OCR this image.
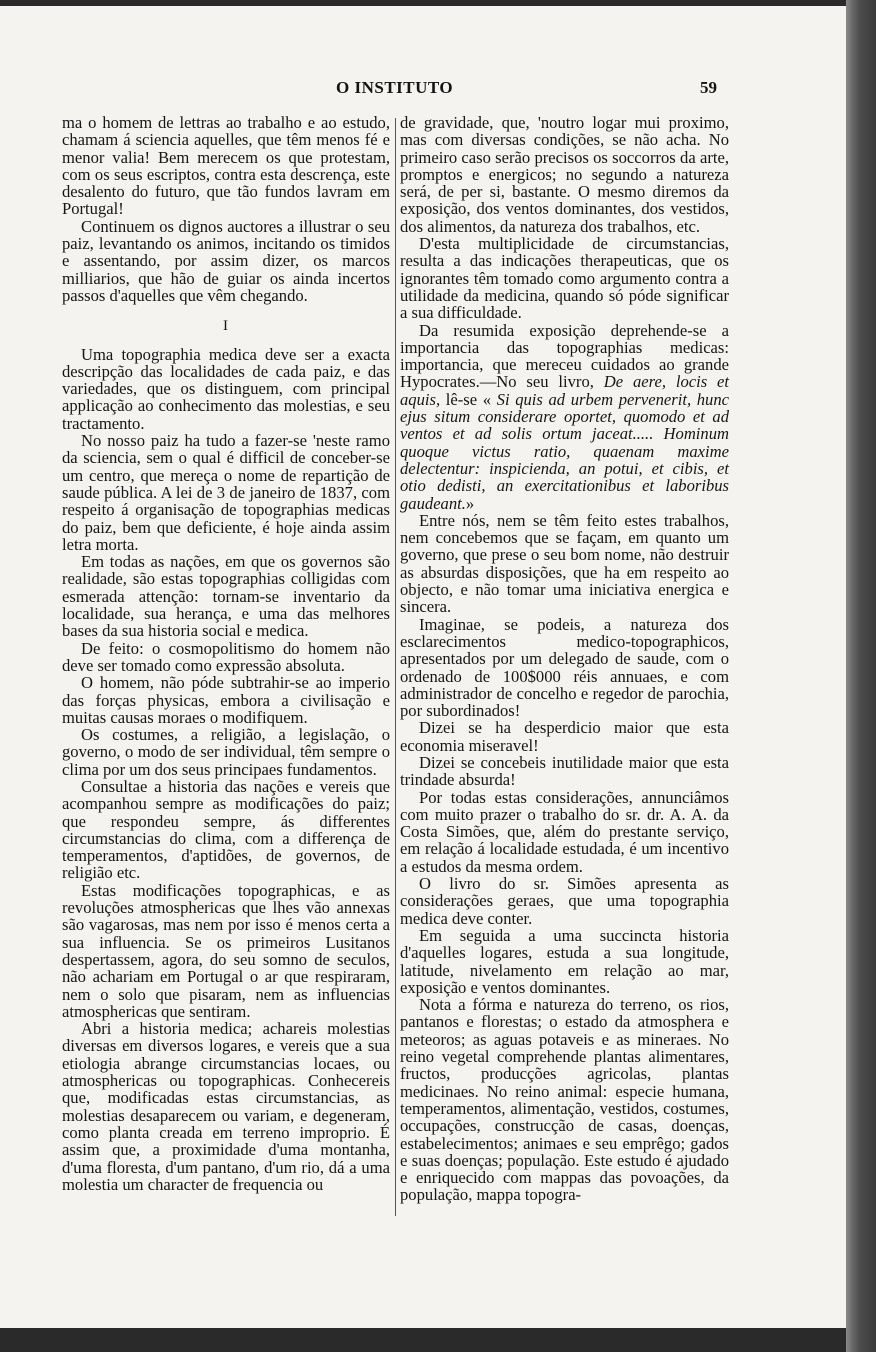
O INSTITUTO	59

ma o homem de lettras ao trabalho e ao estudo, chamam á sciencia aquelles, que têm menos fé e menor valia! Bem merecem os que protestam, com os seus escriptos, contra esta descrença, este desalento do futuro, que tão fundos lavram em Portugal!

Continuem os dignos auctores a illustrar o seu paiz, levantando os animos, incitando os timidos e assentando, por assim dizer, os marcos milliarios, que hão de guiar os ainda incertos passos d'aquelles que vêm chegando.

I

Uma topographia medica deve ser a exacta descripção das localidades de cada paiz, e das variedades, que os distinguem, com principal applicação ao conhecimento das molestias, e seu tractamento.

No nosso paiz ha tudo a fazer-se 'neste ramo da sciencia, sem o qual é difficil de conceber-se um centro, que mereça o nome de repartição de saude pública. A lei de 3 de janeiro de 1837, com respeito á organisação de topographias medicas do paiz, bem que deficiente, é hoje ainda assim letra morta.

Em todas as nações, em que os governos são realidade, são estas topographias colligidas com esmerada attenção: tornam-se inventario da localidade, sua herança, e uma das melhores bases da sua historia social e medica.

De feito: o cosmopolitismo do homem não deve ser tomado como expressão absoluta.

O homem, não póde subtrahir-se ao imperio das forças physicas, embora a civilisação e muitas causas moraes o modifiquem.

Os costumes, a religião, a legislação, o governo, o modo de ser individual, têm sempre o clima por um dos seus principaes fundamentos.

Consultae a historia das nações e vereis que acompanhou sempre as modificações do paiz; que respondeu sempre, ás differentes circumstancias do clima, com a differença de temperamentos, d'aptidões, de governos, de religião etc.

Estas modificações topographicas, e as revoluções atmosphericas que lhes vão annexas são vagarosas, mas nem por isso é menos certa a sua influencia. Se os primeiros Lusitanos despertassem, agora, do seu somno de seculos, não achariam em Portugal o ar que respiraram, nem o solo que pisaram, nem as influencias atmosphericas que sentiram.

Abri a historia medica; achareis molestias diversas em diversos logares, e vereis que a sua etiologia abrange circumstancias locaes, ou atmosphericas ou topographicas. Conhecereis que, modificadas estas circumstancias, as molestias desaparecem ou variam, e degeneram, como planta creada em terreno improprio. É assim que, a proximidade d'uma montanha, d'uma floresta, d'um pantano, d'um rio, dá a uma molestia um character de frequencia ou

de gravidade, que, 'noutro logar mui proximo, mas com diversas condições, se não acha. No primeiro caso serão precisos os soccorros da arte, promptos e energicos; no segundo a natureza será, de per si, bastante. O mesmo diremos da exposição, dos ventos dominantes, dos vestidos, dos alimentos, da natureza dos trabalhos, etc.

D'esta multiplicidade de circumstancias, resulta a das indicações therapeuticas, que os ignorantes têm tomado como argumento contra a utilidade da medicina, quando só póde significar a sua difficuldade.

Da resumida exposição deprehende-se a importancia das topographias medicas: importancia, que mereceu cuidados ao grande Hypocrates.—No seu livro, De aere, locis et aquis, lê-se « Si quis ad urbem pervenerit, hunc ejus situm considerare oportet, quomodo et ad ventos et ad solis ortum jaceat..... Hominum quoque victus ratio, quaenam maxime delectentur: inspicienda, an potui, et cibis, et otio dedisti, an exercitationibus et laboribus gaudeant.»

Entre nós, nem se têm feito estes trabalhos, nem concebemos que se façam, em quanto um governo, que prese o seu bom nome, não destruir as absurdas disposições, que ha em respeito ao objecto, e não tomar uma iniciativa energica e sincera.

Imaginae, se podeis, a natureza dos esclarecimentos medico-topographicos, apresentados por um delegado de saude, com o ordenado de 100$000 réis annuaes, e com administrador de concelho e regedor de parochia, por subordinados!

Dizei se ha desperdicio maior que esta economia miseravel!

Dizei se concebeis inutilidade maior que esta trindade absurda!

Por todas estas considerações, annunciâmos com muito prazer o trabalho do sr. dr. A. A. da Costa Simões, que, além do prestante serviço, em relação á localidade estudada, é um incentivo a estudos da mesma ordem.

O livro do sr. Simões apresenta as considerações geraes, que uma topographia medica deve conter.

Em seguida a uma succincta historia d'aquelles logares, estuda a sua longitude, latitude, nivelamento em relação ao mar, exposição e ventos dominantes.

Nota a fórma e natureza do terreno, os rios, pantanos e florestas; o estado da atmosphera e meteoros; as aguas potaveis e as mineraes. No reino vegetal comprehende plantas alimentares, fructos, producções agricolas, plantas medicinaes. No reino animal: especie humana, temperamentos, alimentação, vestidos, costumes, occupações, construcção de casas, doenças, estabelecimentos; animaes e seu emprêgo; gados e suas doenças; população. Este estudo é ajudado e enriquecido com mappas das povoações, da população, mappa topogra-
